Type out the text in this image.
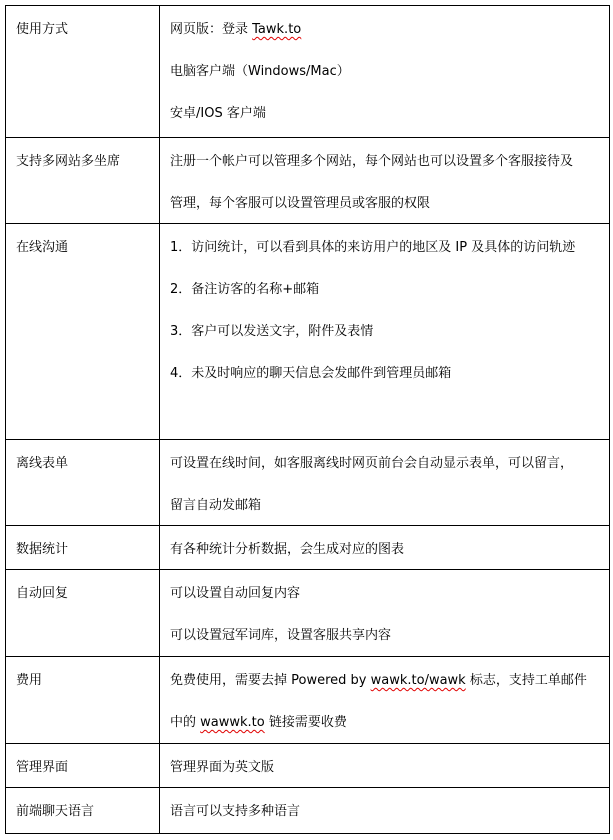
使用方式	网页版：登录 Tawk.to
电脑客户端（Windows/Mac）
安卓/IOS 客户端

支持多网站多坐席	注册一个帐户可以管理多个网站，每个网站也可以设置多个客服接待及
管理，每个客服可以设置管理员或客服的权限

在线沟通	1．访问统计，可以看到具体的来访用户的地区及 IP 及具体的访问轨迹
2．备注访客的名称+邮箱
3．客户可以发送文字，附件及表情
4．未及时响应的聊天信息会发邮件到管理员邮箱

离线表单	可设置在线时间，如客服离线时网页前台会自动显示表单，可以留言，
留言自动发邮箱

数据统计	有各种统计分析数据，会生成对应的图表

自动回复	可以设置自动回复内容
可以设置冠军词库，设置客服共享内容

费用	免费使用，需要去掉 Powered by wawk.to/wawk 标志，支持工单邮件
中的 wawwk.to 链接需要收费

管理界面	管理界面为英文版

前端聊天语言	语言可以支持多种语言
